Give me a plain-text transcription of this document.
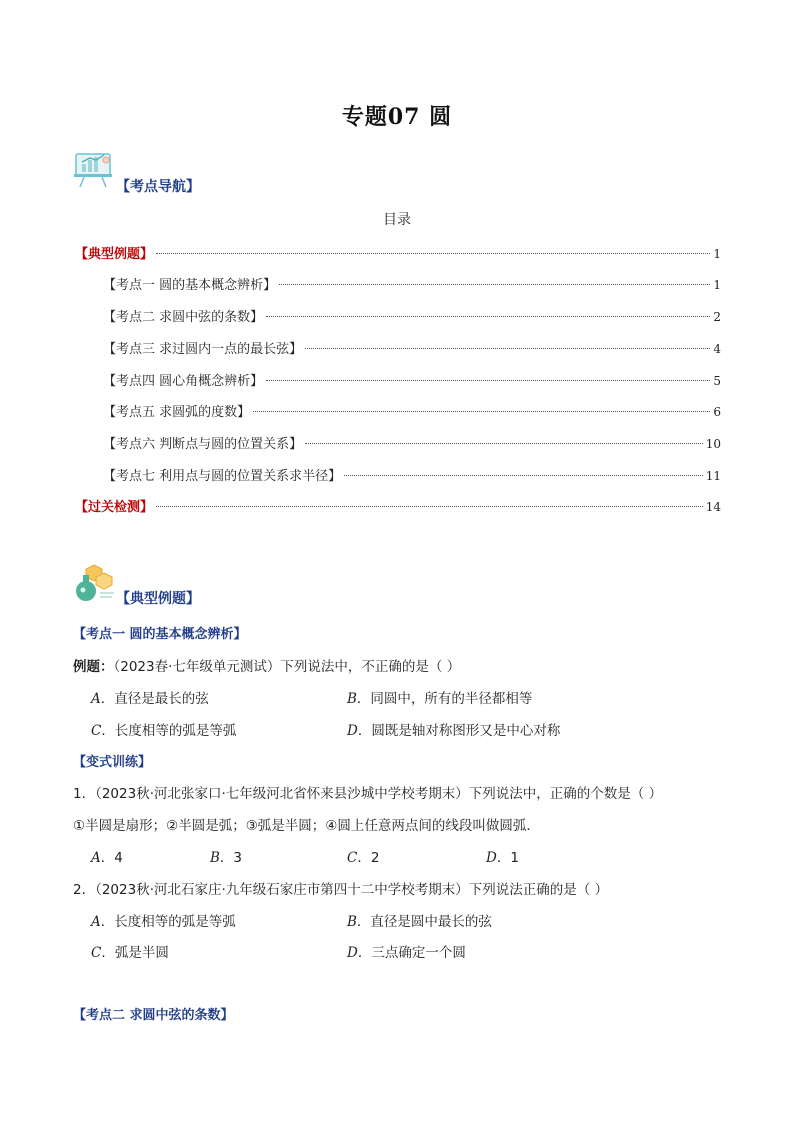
专题07 圆
【考点导航】
目录
【典型例题】	1
【考点一 圆的基本概念辨析】	1
【考点二 求圆中弦的条数】	2
【考点三 求过圆内一点的最长弦】	4
【考点四 圆心角概念辨析】	5
【考点五 求圆弧的度数】	6
【考点六 判断点与圆的位置关系】	10
【考点七 利用点与圆的位置关系求半径】	11
【过关检测】	14
【典型例题】
【考点一 圆的基本概念辨析】
例题：（2023春·七年级单元测试）下列说法中，不正确的是（ ）
A．直径是最长的弦	B．同圆中，所有的半径都相等
C．长度相等的弧是等弧	D．圆既是轴对称图形又是中心对称
【变式训练】
1．（2023秋·河北张家口·七年级河北省怀来县沙城中学校考期末）下列说法中，正确的个数是（ ）
①半圆是扇形；②半圆是弧；③弧是半圆；④圆上任意两点间的线段叫做圆弧．
A．4	B．3	C．2	D．1
2．（2023秋·河北石家庄·九年级石家庄市第四十二中学校考期末）下列说法正确的是（ ）
A．长度相等的弧是等弧	B．直径是圆中最长的弦
C．弧是半圆	D．三点确定一个圆
【考点二 求圆中弦的条数】
